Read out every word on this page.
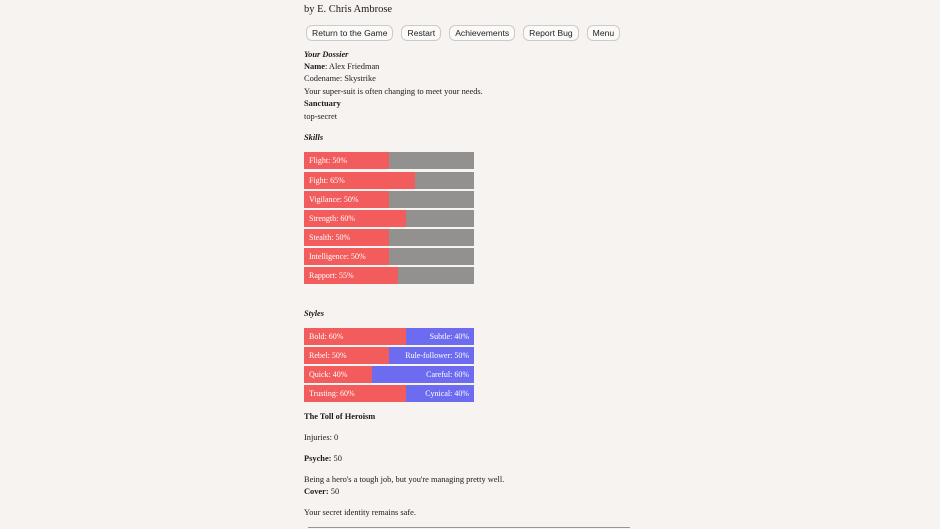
by E. Chris Ambrose
Return to the Game	Restart	Achievements	Report Bug	Menu
Your Dossier
Name: Alex Friedman
Codename: Skystrike
Your super-suit is often changing to meet your needs.
Sanctuary
top-secret
Skills
Flight: 50%
Fight: 65%
Vigilance: 50%
Strength: 60%
Stealth: 50%
Intelligence: 50%
Rapport: 55%
Styles
Bold: 60%	Subtle: 40%
Rebel: 50%	Rule-follower: 50%
Quick: 40%	Careful: 60%
Trusting: 60%	Cynical: 40%
The Toll of Heroism
Injuries: 0
Psyche: 50
Being a hero's a tough job, but you're managing pretty well.
Cover: 50
Your secret identity remains safe.
